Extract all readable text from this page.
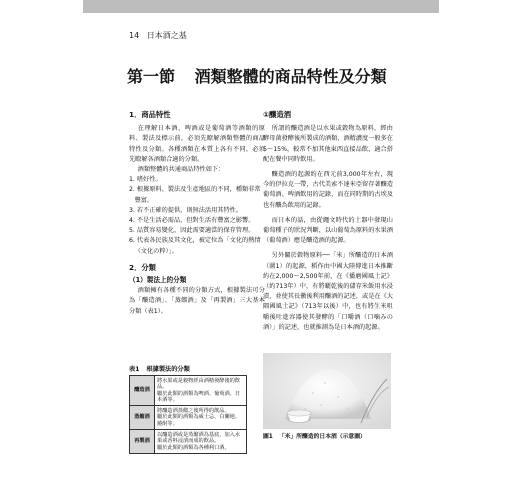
14 日本酒之基
第一節 酒類整體的商品特性及分類
1．商品特性

在理解日本酒、啤酒或是葡萄酒等酒類的原料、製法及標示前，必須先瞭解酒類整體的商品特性及分類。各種酒類在本質上各有不同，必須先瞭解各酒類合適的分類。

酒類整體的共通商品特性如下：

1. 嗜好性。
2. 根據原料、製法及生產地區的不同，種類非常豐富。
3. 若不正確的提供，則無法活用其特性。
4. 不是生活必需品，但對生活有豐富之影響。
5. 品質容易變化，因此需要適當的保存管理。
6. 代表各民族及其文化，被定位為「文化的熱情（文化の粋）」。
2．分類
（1）製法上的分類

酒類擁有各種不同的分類方式，根據製法可分為「釀造酒」、「蒸餾酒」及「再製酒」三大基本分類（表1）。

表1 根據製法的分類
釀造酒	將水果或是穀物經由酒精發酵後的飲品。
屬於此類的酒類為啤酒、葡萄酒、日本酒等。

蒸餾酒	將釀造酒蒸餾之後所得的飲品。
屬於此類的酒類為威士忌、白蘭地、燒酎等。

再製酒	以釀造酒或是蒸餾酒為基底，加入水果或香料浸漬而成的飲品。
屬於此類的酒類為各種利口酒。
①釀造酒

所謂的釀造酒是以水果或穀物為原料，經由酵母菌發酵後所製成的酒類，酒精濃度一般多在5～15%，較常不加其他東西直接品飲，適合搭配在餐中同時飲用。

釀造酒的起源約在西元前3,000年左右，現今的伊拉克一帶，古代美索不達米亞留存著釀造葡萄酒、啤酒飲用的記錄，而在同時期的古埃及也有釀為飲用的記錄。

而日本的話，由從繩文時代的土器中發現山葡萄種子的狀況判斷，以山葡萄為原料的水果酒（葡萄酒）應是釀造酒的起源。

另外關於穀物原料──「米」所釀造的日本酒（圖1）的起源，稻作由中國大陸傳進日本推斷約在2,000～2,500年前，在《播磨國風土記》（約713年）中，有將曬乾後的儲存米飯用水浸漬，並使其長黴後利用釀酒的記述，或是在《大隅國風土記》（713年以後）中，也有將生米咀嚼後吐進容器使其發酵的「口嚼酒（口噛みの酒）」的記述，也就推測為是日本酒的起源。

圖1 「米」所釀造的日本酒（示意圖）
